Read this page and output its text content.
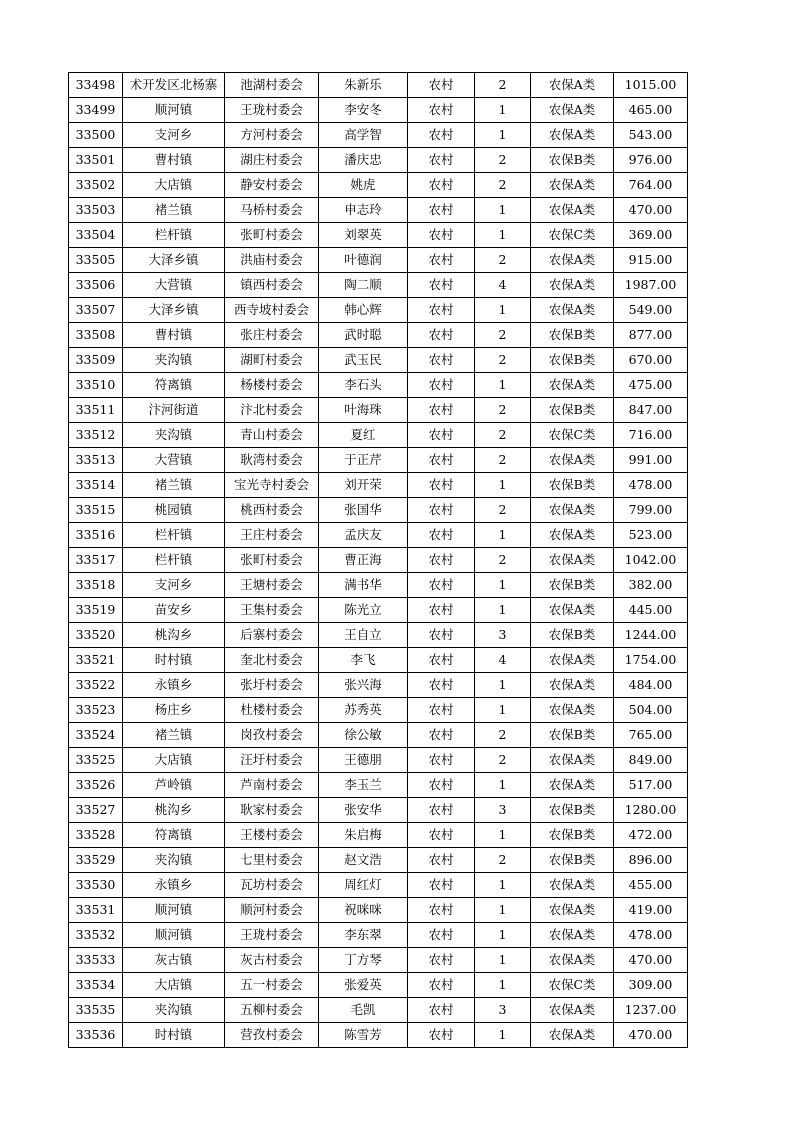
33498	术开发区北杨寨	池湖村委会	朱新乐	农村	2	农保A类	1015.00
33499	顺河镇	王珑村委会	李安冬	农村	1	农保A类	465.00
33500	支河乡	方河村委会	高学智	农村	1	农保A类	543.00
33501	曹村镇	湖庄村委会	潘庆忠	农村	2	农保B类	976.00
33502	大店镇	静安村委会	姚虎	农村	2	农保A类	764.00
33503	褚兰镇	马桥村委会	申志玲	农村	1	农保A类	470.00
33504	栏杆镇	张町村委会	刘翠英	农村	1	农保C类	369.00
33505	大泽乡镇	洪庙村委会	叶德润	农村	2	农保A类	915.00
33506	大营镇	镇西村委会	陶二顺	农村	4	农保A类	1987.00
33507	大泽乡镇	西寺坡村委会	韩心辉	农村	1	农保A类	549.00
33508	曹村镇	张庄村委会	武时聪	农村	2	农保B类	877.00
33509	夹沟镇	湖町村委会	武玉民	农村	2	农保B类	670.00
33510	符离镇	杨楼村委会	李石头	农村	1	农保A类	475.00
33511	汴河街道	汴北村委会	叶海珠	农村	2	农保B类	847.00
33512	夹沟镇	青山村委会	夏红	农村	2	农保C类	716.00
33513	大营镇	耿湾村委会	于正芹	农村	2	农保A类	991.00
33514	褚兰镇	宝光寺村委会	刘开荣	农村	1	农保B类	478.00
33515	桃园镇	桃西村委会	张国华	农村	2	农保A类	799.00
33516	栏杆镇	王庄村委会	孟庆友	农村	1	农保A类	523.00
33517	栏杆镇	张町村委会	曹正海	农村	2	农保A类	1042.00
33518	支河乡	王塘村委会	满书华	农村	1	农保B类	382.00
33519	苗安乡	王集村委会	陈光立	农村	1	农保A类	445.00
33520	桃沟乡	后寨村委会	王自立	农村	3	农保B类	1244.00
33521	时村镇	奎北村委会	李飞	农村	4	农保A类	1754.00
33522	永镇乡	张圩村委会	张兴海	农村	1	农保A类	484.00
33523	杨庄乡	杜楼村委会	苏秀英	农村	1	农保A类	504.00
33524	褚兰镇	岗孜村委会	徐公敏	农村	2	农保B类	765.00
33525	大店镇	汪圩村委会	王德朋	农村	2	农保A类	849.00
33526	芦岭镇	芦南村委会	李玉兰	农村	1	农保A类	517.00
33527	桃沟乡	耿家村委会	张安华	农村	3	农保B类	1280.00
33528	符离镇	王楼村委会	朱启梅	农村	1	农保B类	472.00
33529	夹沟镇	七里村委会	赵文浩	农村	2	农保B类	896.00
33530	永镇乡	瓦坊村委会	周红灯	农村	1	农保A类	455.00
33531	顺河镇	顺河村委会	祝咪咪	农村	1	农保A类	419.00
33532	顺河镇	王珑村委会	李东翠	农村	1	农保A类	478.00
33533	灰古镇	灰古村委会	丁方琴	农村	1	农保A类	470.00
33534	大店镇	五一村委会	张爱英	农村	1	农保C类	309.00
33535	夹沟镇	五柳村委会	毛凯	农村	3	农保A类	1237.00
33536	时村镇	营孜村委会	陈雪芳	农村	1	农保A类	470.00
